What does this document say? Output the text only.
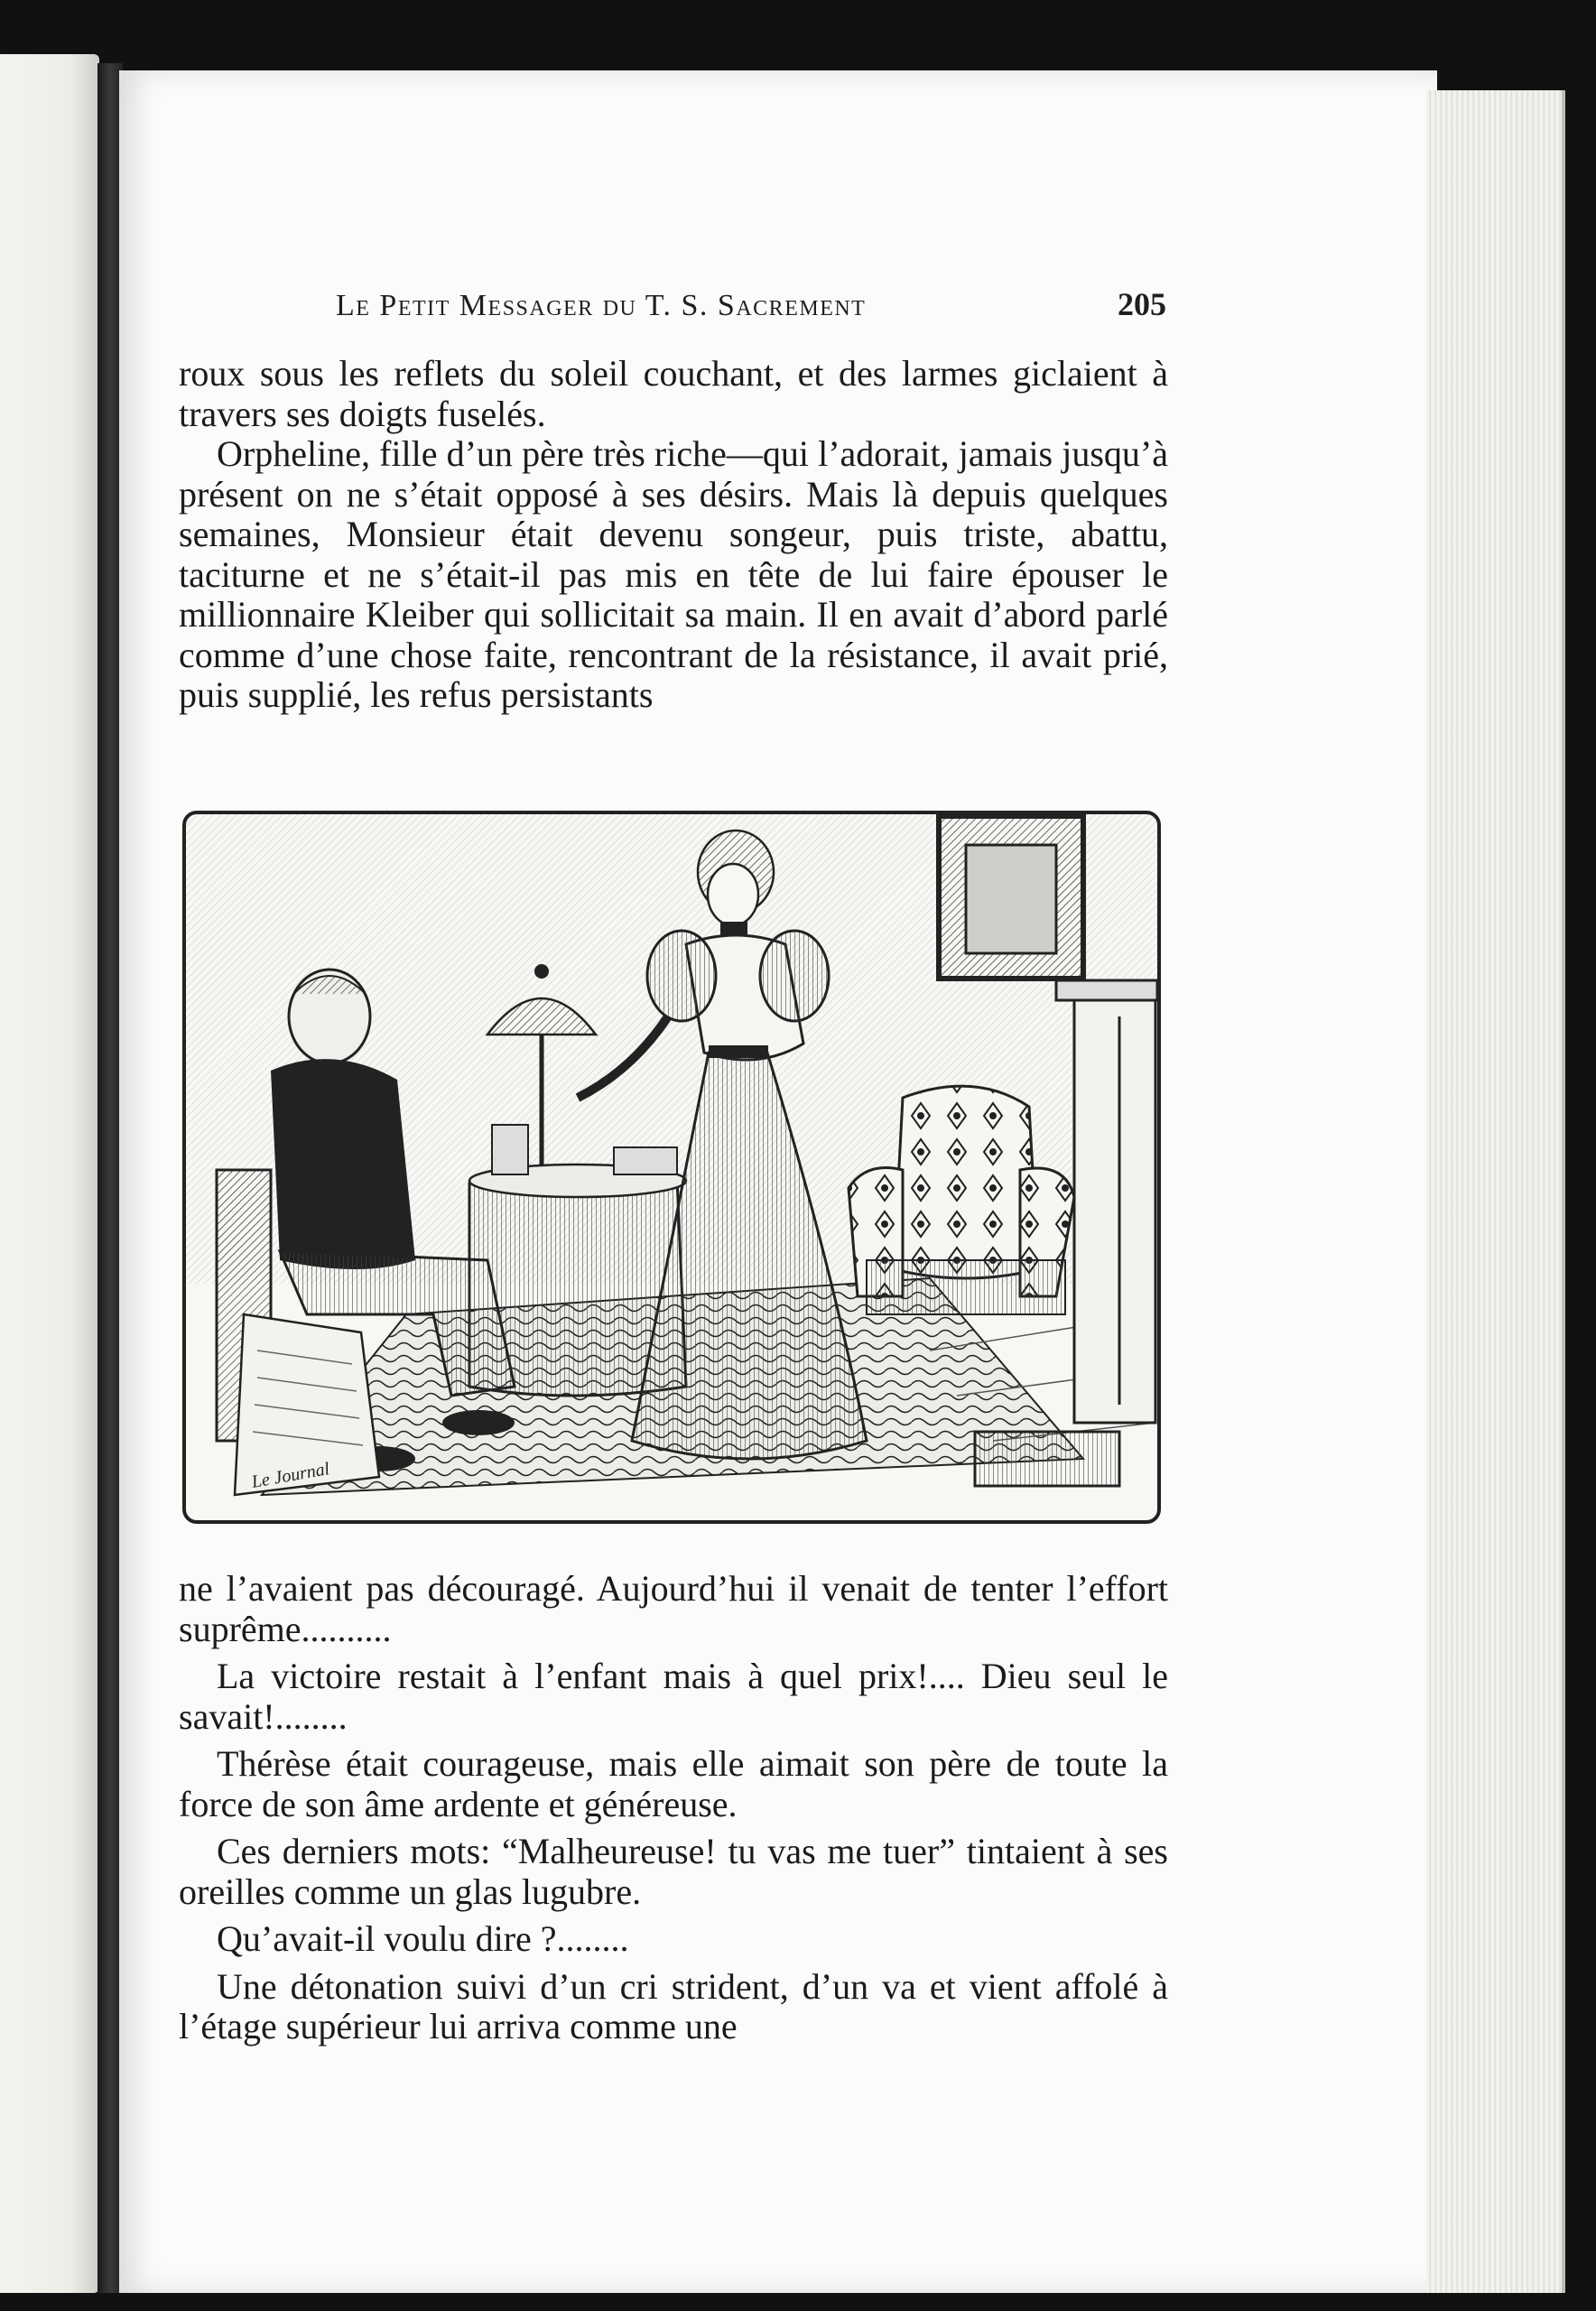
Le Petit Messager du T. S. Sacrement	205

roux sous les reflets du soleil couchant, et des larmes giclaient à travers ses doigts fuselés.

Orpheline, fille d’un père très riche—qui l’adorait, jamais jusqu’à présent on ne s’était opposé à ses désirs. Mais là depuis quelques semaines, Monsieur était devenu songeur, puis triste, abattu, taciturne et ne s’était-il pas mis en tête de lui faire épouser le millionnaire Kleiber qui sollicitait sa main. Il en avait d’abord parlé comme d’une chose faite, rencontrant de la résistance, il avait prié, puis supplié, les refus persistants

Le Journal

ne l’avaient pas découragé. Aujourd’hui il venait de tenter l’effort suprême..........

La victoire restait à l’enfant mais à quel prix!.... Dieu seul le savait!........

Thérèse était courageuse, mais elle aimait son père de toute la force de son âme ardente et généreuse.

Ces derniers mots: “Malheureuse! tu vas me tuer” tintaient à ses oreilles comme un glas lugubre.

Qu’avait-il voulu dire ?........

Une détonation suivi d’un cri strident, d’un va et vient affolé à l’étage supérieur lui arriva comme une
